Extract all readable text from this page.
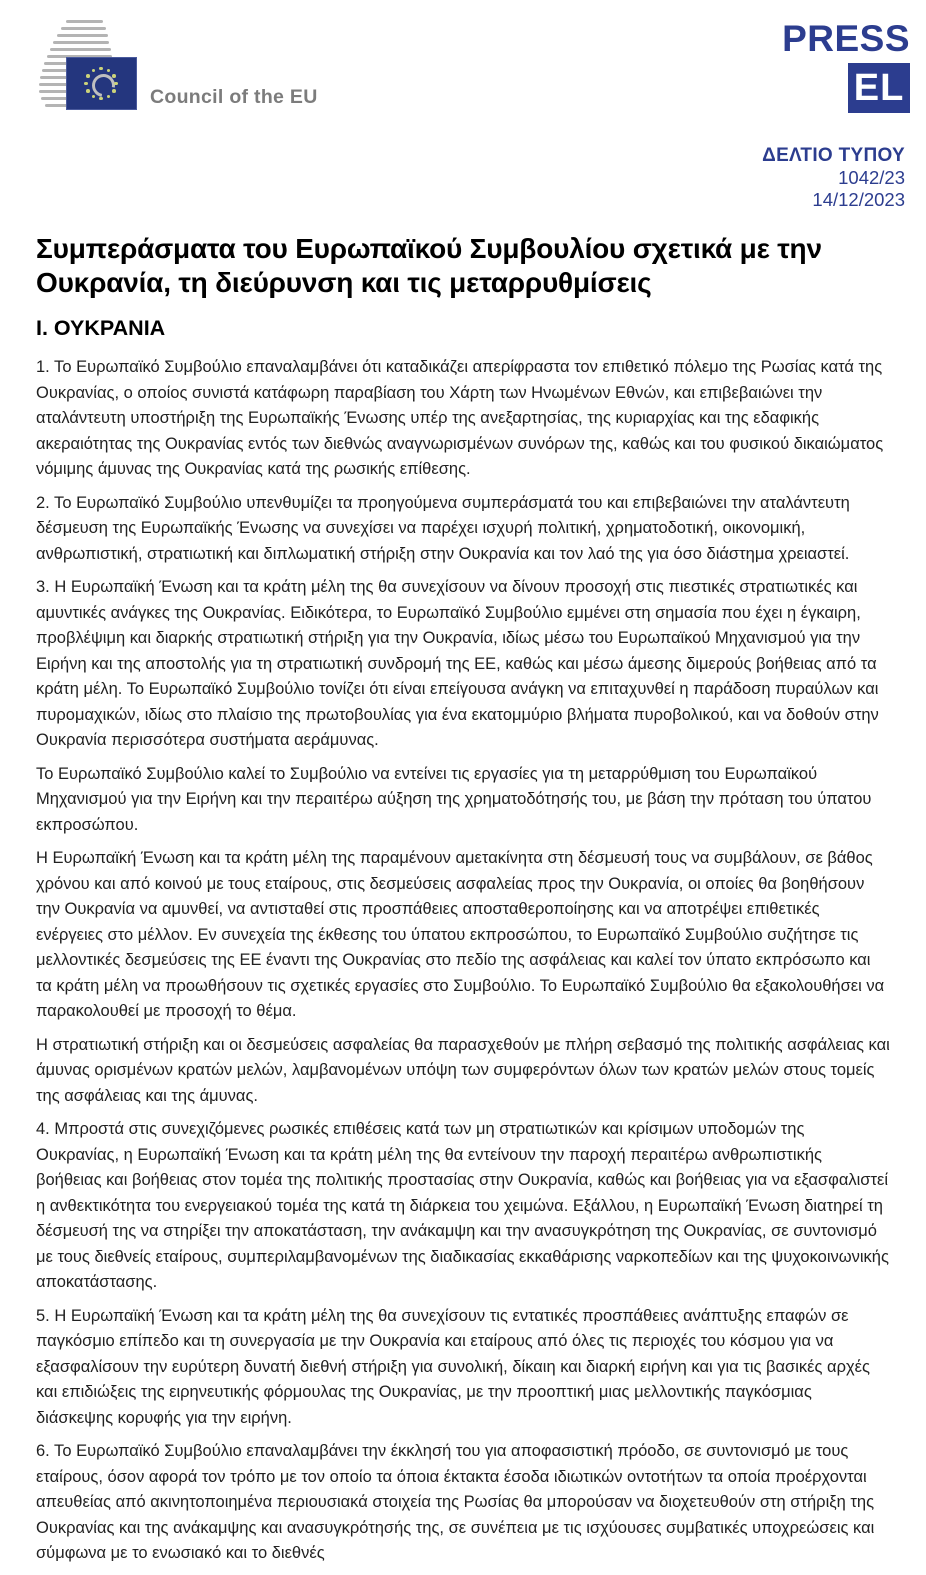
Council of the EU
PRESS
EL
ΔΕΛΤΙΟ ΤΥΠΟΥ
1042/23
14/12/2023
Συμπεράσματα του Ευρωπαϊκού Συμβουλίου σχετικά με την Ουκρανία, τη διεύρυνση και τις μεταρρυθμίσεις
Ι. ΟΥΚΡΑΝΙΑ

1. Το Ευρωπαϊκό Συμβούλιο επαναλαμβάνει ότι καταδικάζει απερίφραστα τον επιθετικό πόλεμο της Ρωσίας κατά της Ουκρανίας, ο οποίος συνιστά κατάφωρη παραβίαση του Χάρτη των Ηνωμένων Εθνών, και επιβεβαιώνει την αταλάντευτη υποστήριξη της Ευρωπαϊκής Ένωσης υπέρ της ανεξαρτησίας, της κυριαρχίας και της εδαφικής ακεραιότητας της Ουκρανίας εντός των διεθνώς αναγνωρισμένων συνόρων της, καθώς και του φυσικού δικαιώματος νόμιμης άμυνας της Ουκρανίας κατά της ρωσικής επίθεσης.

2. Το Ευρωπαϊκό Συμβούλιο υπενθυμίζει τα προηγούμενα συμπεράσματά του και επιβεβαιώνει την αταλάντευτη δέσμευση της Ευρωπαϊκής Ένωσης να συνεχίσει να παρέχει ισχυρή πολιτική, χρηματοδοτική, οικονομική, ανθρωπιστική, στρατιωτική και διπλωματική στήριξη στην Ουκρανία και τον λαό της για όσο διάστημα χρειαστεί.

3. Η Ευρωπαϊκή Ένωση και τα κράτη μέλη της θα συνεχίσουν να δίνουν προσοχή στις πιεστικές στρατιωτικές και αμυντικές ανάγκες της Ουκρανίας. Ειδικότερα, το Ευρωπαϊκό Συμβούλιο εμμένει στη σημασία που έχει η έγκαιρη, προβλέψιμη και διαρκής στρατιωτική στήριξη για την Ουκρανία, ιδίως μέσω του Ευρωπαϊκού Μηχανισμού για την Ειρήνη και της αποστολής για τη στρατιωτική συνδρομή της ΕΕ, καθώς και μέσω άμεσης διμερούς βοήθειας από τα κράτη μέλη. Το Ευρωπαϊκό Συμβούλιο τονίζει ότι είναι επείγουσα ανάγκη να επιταχυνθεί η παράδοση πυραύλων και πυρομαχικών, ιδίως στο πλαίσιο της πρωτοβουλίας για ένα εκατομμύριο βλήματα πυροβολικού, και να δοθούν στην Ουκρανία περισσότερα συστήματα αεράμυνας.

Το Ευρωπαϊκό Συμβούλιο καλεί το Συμβούλιο να εντείνει τις εργασίες για τη μεταρρύθμιση του Ευρωπαϊκού Μηχανισμού για την Ειρήνη και την περαιτέρω αύξηση της χρηματοδότησής του, με βάση την πρόταση του ύπατου εκπροσώπου.

Η Ευρωπαϊκή Ένωση και τα κράτη μέλη της παραμένουν αμετακίνητα στη δέσμευσή τους να συμβάλουν, σε βάθος χρόνου και από κοινού με τους εταίρους, στις δεσμεύσεις ασφαλείας προς την Ουκρανία, οι οποίες θα βοηθήσουν την Ουκρανία να αμυνθεί, να αντισταθεί στις προσπάθειες αποσταθεροποίησης και να αποτρέψει επιθετικές ενέργειες στο μέλλον. Εν συνεχεία της έκθεσης του ύπατου εκπροσώπου, το Ευρωπαϊκό Συμβούλιο συζήτησε τις μελλοντικές δεσμεύσεις της ΕΕ έναντι της Ουκρανίας στο πεδίο της ασφάλειας και καλεί τον ύπατο εκπρόσωπο και τα κράτη μέλη να προωθήσουν τις σχετικές εργασίες στο Συμβούλιο. Το Ευρωπαϊκό Συμβούλιο θα εξακολουθήσει να παρακολουθεί με προσοχή το θέμα.

Η στρατιωτική στήριξη και οι δεσμεύσεις ασφαλείας θα παρασχεθούν με πλήρη σεβασμό της πολιτικής ασφάλειας και άμυνας ορισμένων κρατών μελών, λαμβανομένων υπόψη των συμφερόντων όλων των κρατών μελών στους τομείς της ασφάλειας και της άμυνας.

4. Μπροστά στις συνεχιζόμενες ρωσικές επιθέσεις κατά των μη στρατιωτικών και κρίσιμων υποδομών της Ουκρανίας, η Ευρωπαϊκή Ένωση και τα κράτη μέλη της θα εντείνουν την παροχή περαιτέρω ανθρωπιστικής βοήθειας και βοήθειας στον τομέα της πολιτικής προστασίας στην Ουκρανία, καθώς και βοήθειας για να εξασφαλιστεί η ανθεκτικότητα του ενεργειακού τομέα της κατά τη διάρκεια του χειμώνα. Εξάλλου, η Ευρωπαϊκή Ένωση διατηρεί τη δέσμευσή της να στηρίξει την αποκατάσταση, την ανάκαμψη και την ανασυγκρότηση της Ουκρανίας, σε συντονισμό με τους διεθνείς εταίρους, συμπεριλαμβανομένων της διαδικασίας εκκαθάρισης ναρκοπεδίων και της ψυχοκοινωνικής αποκατάστασης.

5. Η Ευρωπαϊκή Ένωση και τα κράτη μέλη της θα συνεχίσουν τις εντατικές προσπάθειες ανάπτυξης επαφών σε παγκόσμιο επίπεδο και τη συνεργασία με την Ουκρανία και εταίρους από όλες τις περιοχές του κόσμου για να εξασφαλίσουν την ευρύτερη δυνατή διεθνή στήριξη για συνολική, δίκαιη και διαρκή ειρήνη και για τις βασικές αρχές και επιδιώξεις της ειρηνευτικής φόρμουλας της Ουκρανίας, με την προοπτική μιας μελλοντικής παγκόσμιας διάσκεψης κορυφής για την ειρήνη.

6. Το Ευρωπαϊκό Συμβούλιο επαναλαμβάνει την έκκλησή του για αποφασιστική πρόοδο, σε συντονισμό με τους εταίρους, όσον αφορά τον τρόπο με τον οποίο τα όποια έκτακτα έσοδα ιδιωτικών οντοτήτων τα οποία προέρχονται απευθείας από ακινητοποιημένα περιουσιακά στοιχεία της Ρωσίας θα μπορούσαν να διοχετευθούν στη στήριξη της Ουκρανίας και της ανάκαμψης και ανασυγκρότησής της, σε συνέπεια με τις ισχύουσες συμβατικές υποχρεώσεις και σύμφωνα με το ενωσιακό και το διεθνές
